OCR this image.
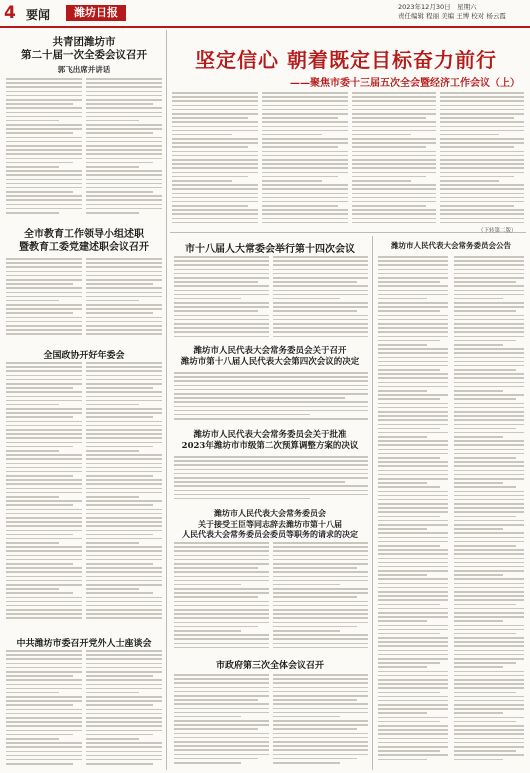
4 要闻	潍坊日报	2023年12月30日　星期六
责任编辑 程丽 美编 王博 校对 杨云霞
坚定信心 朝着既定目标奋力前行
——聚焦市委十三届五次全会暨经济工作会议（上）
共青团潍坊市
第二十届一次全委会议召开
郭飞出席并讲话
全市教育工作领导小组述职
暨教育工委党建述职会议召开
全国政协开好年委会
中共潍坊市委召开党外人士座谈会
市十八届人大常委会举行第十四次会议
潍坊市人民代表大会常务委员会关于召开
潍坊市第十八届人民代表大会第四次会议的决定
潍坊市人民代表大会常务委员会关于批准
2023年潍坊市市级第二次预算调整方案的决议
潍坊市人民代表大会常务委员会
关于接受王臣等同志辞去潍坊市第十八届
人民代表大会常务委员会委员等职务的请求的决定
市政府第三次全体会议召开
潍坊市人民代表大会常务委员会公告
（下转第二版）
